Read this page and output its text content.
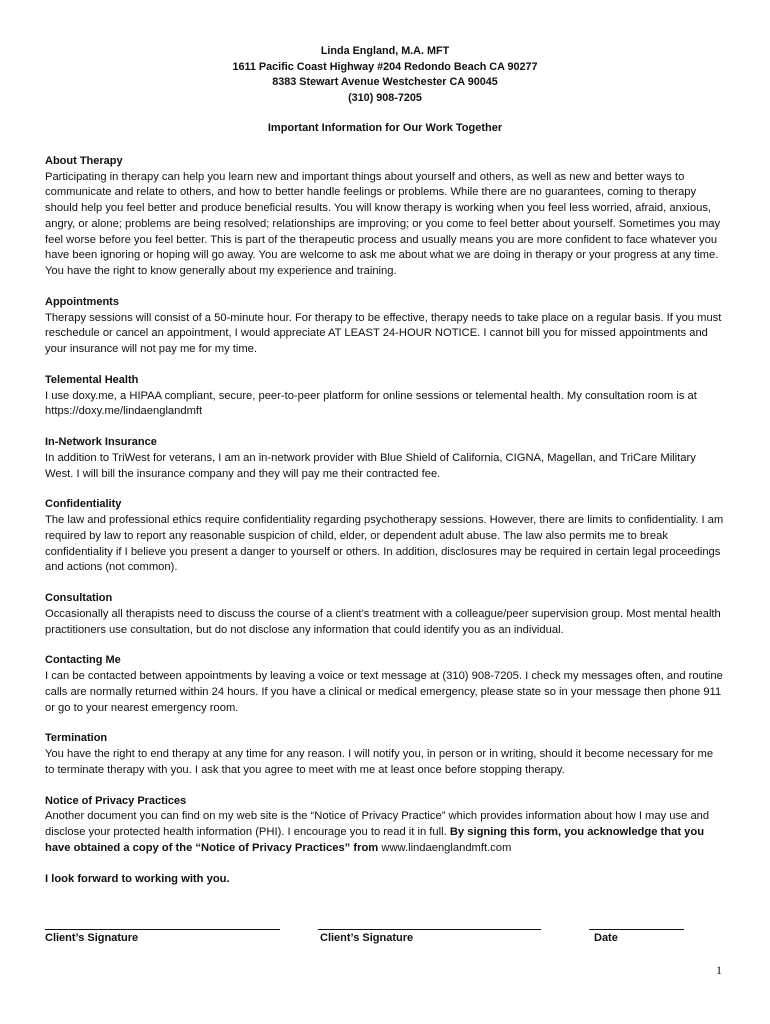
Linda England, M.A. MFT
1611 Pacific Coast Highway #204 Redondo Beach CA 90277
8383 Stewart Avenue Westchester CA 90045
(310) 908-7205
Important Information for Our Work Together
About Therapy
Participating in therapy can help you learn new and important things about yourself and others, as well as new and better ways to communicate and relate to others, and how to better handle feelings or problems. While there are no guarantees, coming to therapy should help you feel better and produce beneficial results. You will know therapy is working when you feel less worried, afraid, anxious, angry, or alone; problems are being resolved; relationships are improving; or you come to feel better about yourself. Sometimes you may feel worse before you feel better. This is part of the therapeutic process and usually means you are more confident to face whatever you have been ignoring or hoping will go away. You are welcome to ask me about what we are doing in therapy or your progress at any time. You have the right to know generally about my experience and training.
Appointments
Therapy sessions will consist of a 50-minute hour. For therapy to be effective, therapy needs to take place on a regular basis. If you must reschedule or cancel an appointment, I would appreciate AT LEAST 24-HOUR NOTICE. I cannot bill you for missed appointments and your insurance will not pay me for my time.
Telemental Health
I use doxy.me, a HIPAA compliant, secure, peer-to-peer platform for online sessions or telemental health. My consultation room is at https://doxy.me/lindaenglandmft
In-Network Insurance
In addition to TriWest for veterans, I am an in-network provider with Blue Shield of California, CIGNA, Magellan, and TriCare Military West. I will bill the insurance company and they will pay me their contracted fee.
Confidentiality
The law and professional ethics require confidentiality regarding psychotherapy sessions. However, there are limits to confidentiality. I am required by law to report any reasonable suspicion of child, elder, or dependent adult abuse. The law also permits me to break confidentiality if I believe you present a danger to yourself or others. In addition, disclosures may be required in certain legal proceedings and actions (not common).
Consultation
Occasionally all therapists need to discuss the course of a client’s treatment with a colleague/peer supervision group. Most mental health practitioners use consultation, but do not disclose any information that could identify you as an individual.
Contacting Me
I can be contacted between appointments by leaving a voice or text message at (310) 908-7205. I check my messages often, and routine calls are normally returned within 24 hours. If you have a clinical or medical emergency, please state so in your message then phone 911 or go to your nearest emergency room.
Termination
You have the right to end therapy at any time for any reason. I will notify you, in person or in writing, should it become necessary for me to terminate therapy with you. I ask that you agree to meet with me at least once before stopping therapy.
Notice of Privacy Practices
Another document you can find on my web site is the “Notice of Privacy Practice” which provides information about how I may use and disclose your protected health information (PHI). I encourage you to read it in full. By signing this form, you acknowledge that you have obtained a copy of the “Notice of Privacy Practices” from www.lindaenglandmft.com
I look forward to working with you.
Client’s Signature	Client’s Signature	Date
1
